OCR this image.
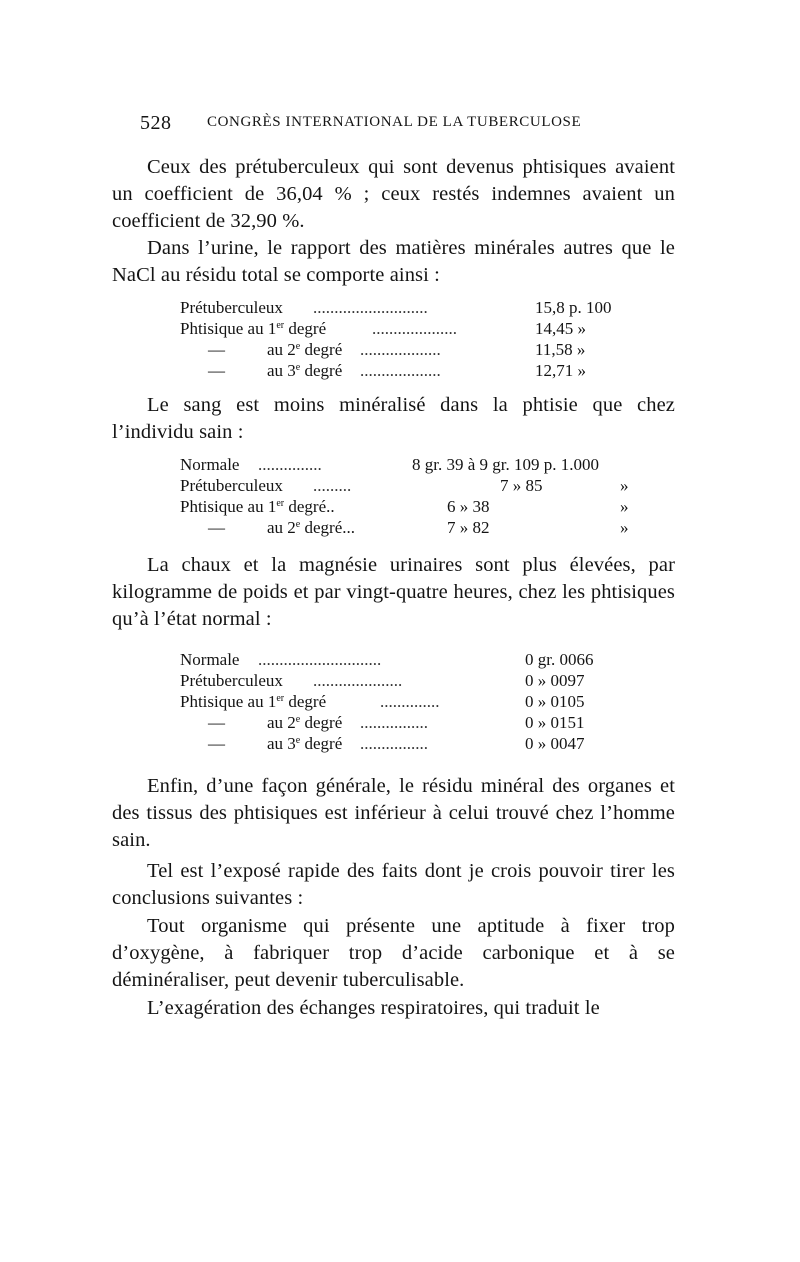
528 CONGRÈS INTERNATIONAL DE LA TUBERCULOSE

Ceux des prétuberculeux qui sont devenus phtisiques avaient un coefficient de 36,04 % ; ceux restés indemnes avaient un coefficient de 32,90 %.

Dans l’urine, le rapport des matières minérales autres que le NaCl au résidu total se comporte ainsi :

Prétuberculeux ...........................	15,8 p. 100
Phtisique au 1er degré	....................	14,45 »
— au 2e degré ...................	11,58 »
— au 3e degré ...................	12,71 »

Le sang est moins minéralisé dans la phtisie que chez l’individu sain :

Normale ...............	8 gr. 39 à 9 gr. 109 p. 1.000
Prétuberculeux .........	7 » 85	»
Phtisique au 1er degré..	6 » 38	»
— au 2e degré...	7 » 82	»

La chaux et la magnésie urinaires sont plus élevées, par kilogramme de poids et par vingt-quatre heures, chez les phtisiques qu’à l’état normal :

Normale .............................	0 gr. 0066
Prétuberculeux .....................	0 » 0097
Phtisique au 1er degré	..............	0 » 0105
— au 2e degré ................	0 » 0151
— au 3e degré ................	0 » 0047

Enfin, d’une façon générale, le résidu minéral des organes et des tissus des phtisiques est inférieur à celui trouvé chez l’homme sain.

Tel est l’exposé rapide des faits dont je crois pouvoir tirer les conclusions suivantes :

Tout organisme qui présente une aptitude à fixer trop d’oxygène, à fabriquer trop d’acide carbonique et à se déminéraliser, peut devenir tuberculisable.

L’exagération des échanges respiratoires, qui traduit le
